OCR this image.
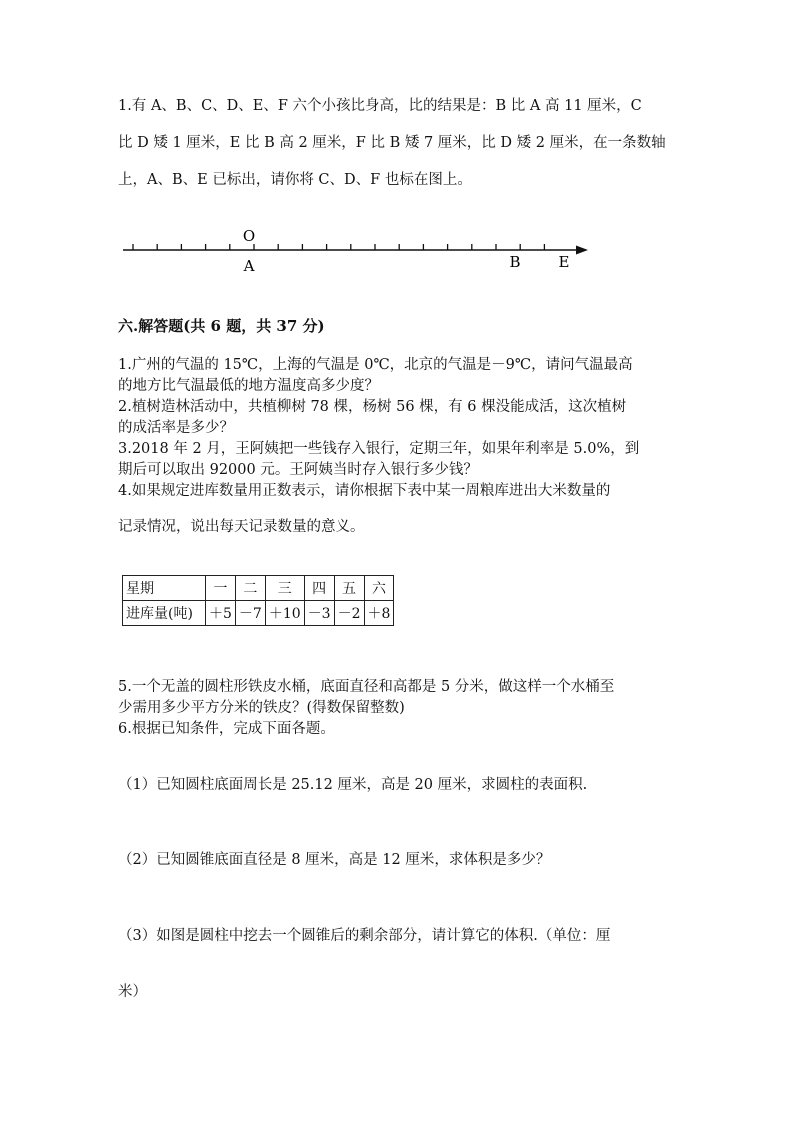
1.有 A、B、C、D、E、F 六个小孩比身高，比的结果是：B 比 A 高 11 厘米，C
比 D 矮 1 厘米，E 比 B 高 2 厘米，F 比 B 矮 7 厘米，比 D 矮 2 厘米，在一条数轴
上，A、B、E 已标出，请你将 C、D、F 也标在图上。
O
A	B	E
六.解答题(共 6 题，共 37 分)
1.广州的气温的 15℃，上海的气温是 0℃，北京的气温是－9℃，请问气温最高
的地方比气温最低的地方温度高多少度？
2.植树造林活动中，共植柳树 78 棵，杨树 56 棵，有 6 棵没能成活，这次植树
的成活率是多少？
3.2018 年 2 月，王阿姨把一些钱存入银行，定期三年，如果年利率是 5.0%，到
期后可以取出 92000 元。王阿姨当时存入银行多少钱？
4.如果规定进库数量用正数表示，请你根据下表中某一周粮库进出大米数量的
记录情况，说出每天记录数量的意义。
星期	一	二	三	四	五	六
进库量(吨)	＋5	－7	＋10	－3	－2	＋8
5.一个无盖的圆柱形铁皮水桶，底面直径和高都是 5 分米，做这样一个水桶至
少需用多少平方分米的铁皮？(得数保留整数)
6.根据已知条件，完成下面各题。
（1）已知圆柱底面周长是 25.12 厘米，高是 20 厘米，求圆柱的表面积.
（2）已知圆锥底面直径是 8 厘米，高是 12 厘米，求体积是多少？
（3）如图是圆柱中挖去一个圆锥后的剩余部分，请计算它的体积.（单位：厘
米）
